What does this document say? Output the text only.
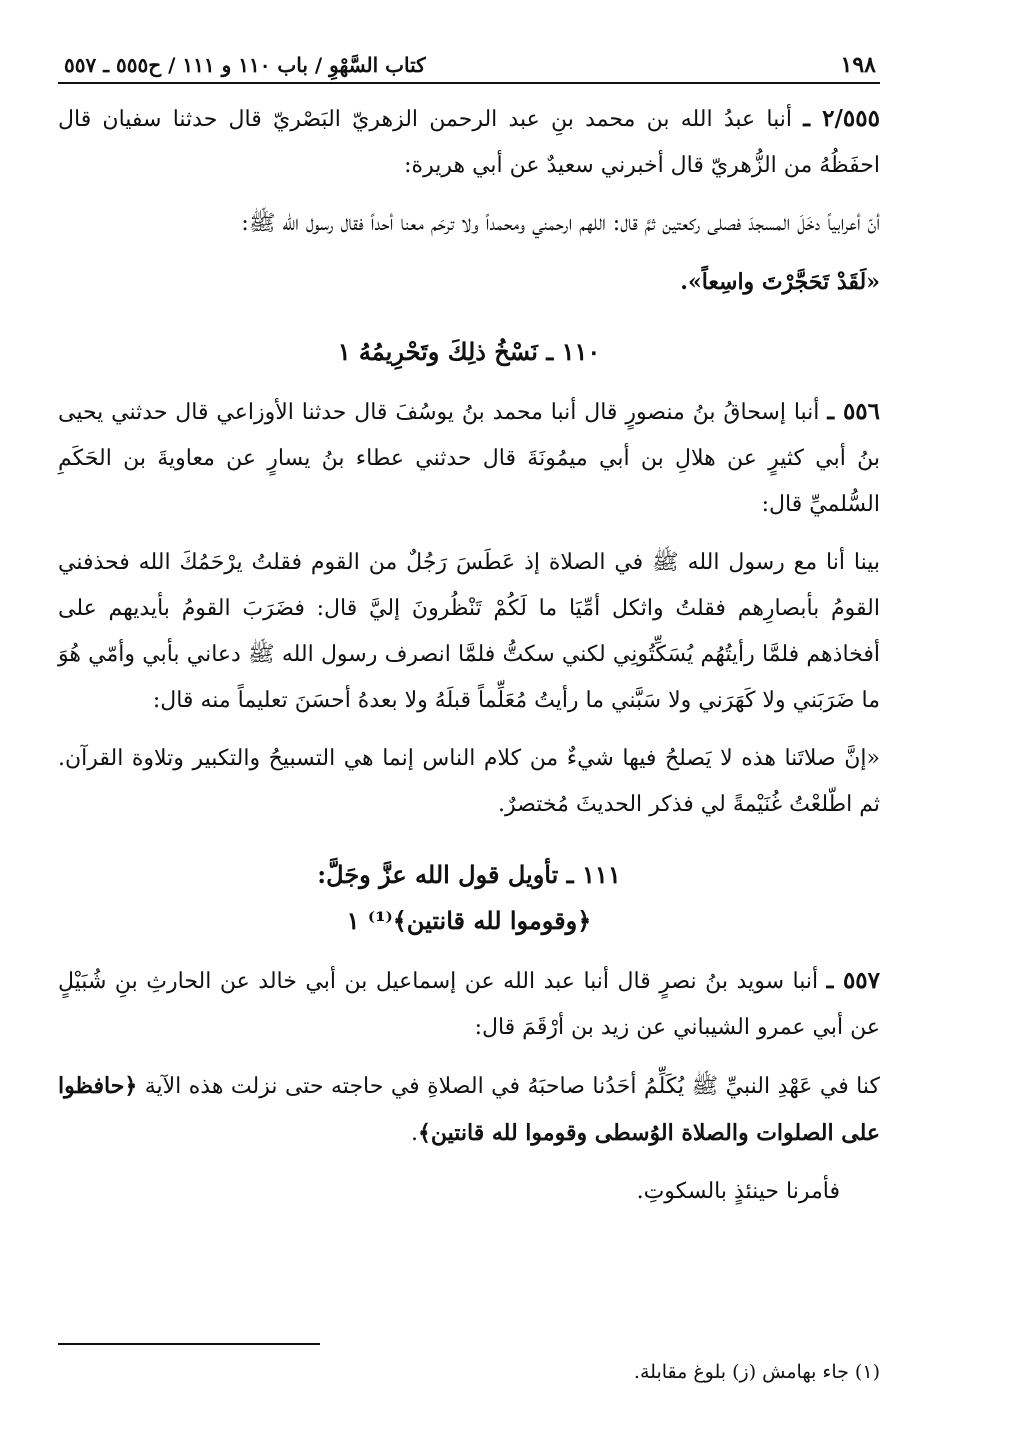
١٩٨
كتاب السَّهْوِ / باب ١١٠ و ١١١ / ح٥٥٥ ـ ٥٥٧

٢/٥٥٥ ـ أنبا عبدُ الله بن محمد بنِ عبد الرحمن الزهريّ البَصْريّ قال حدثنا سفيان قال احفَظُهُ من الزُّهريّ قال أخبرني سعيدٌ عن أبي هريرة:

أنّ أعرابياً دخَلَ المسجدَ فصلى ركعتين ثمَّ قال: اللهم ارحمني ومحمداً ولا ترحَم معنا أحداً فقال رسول الله ﷺ:

«لَقَدْ تَحَجَّرْتَ واسِعاً».

١١٠ ـ نَسْخُ ذلِكَ وتَحْرِيمُهُ ١

٥٥٦ ـ أنبا إسحاقُ بنُ منصورٍ قال أنبا محمد بنُ يوسُفَ قال حدثنا الأوزاعي قال حدثني يحيى بنُ أبي كثيرٍ عن هلالِ بن أبي ميمُونَةَ قال حدثني عطاء بنُ يسارٍ عن معاويةَ بن الحَكَمِ السُّلميِّ قال:

بينا أنا مع رسول الله ﷺ في الصلاة إذ عَطَسَ رَجُلٌ من القوم فقلتُ يرْحَمُكَ الله فحذفني القومُ بأبصارِهم فقلتُ واثكل أمِّيَا ما لَكُمْ تَنْظُرونَ إليَّ قال: فضَرَبَ القومُ بأيديهم على أفخاذهم فلمَّا رأيتُهُم يُسَكِّتُونِي لكني سكتُّ فلمَّا انصرف رسول الله ﷺ دعاني بأبي وأمّي هُوَ ما ضَرَبَني ولا كَهَرَني ولا سَبَّني ما رأيتُ مُعَلِّماً قبلَهُ ولا بعدهُ أحسَنَ تعليماً منه قال:

«إنَّ صلاتَنا هذه لا يَصلحُ فيها شيءٌ من كلام الناس إنما هي التسبيحُ والتكبير وتلاوة القرآن. ثم اطّلعْتُ غُنَيْمةً لي فذكر الحديثَ مُختصرٌ.

١١١ ـ تأويل قول الله عزَّ وجَلَّ:
﴿وقوموا لله قانتين﴾⁽¹⁾ ١

٥٥٧ ـ أنبا سويد بنُ نصرٍ قال أنبا عبد الله عن إسماعيل بن أبي خالد عن الحارثِ بنِ شُبَيْلٍ عن أبي عمرو الشيباني عن زيد بن أرْقَمَ قال:

كنا في عَهْدِ النبيِّ ﷺ يُكَلِّمُ أحَدُنا صاحبَهُ في الصلاةِ في حاجته حتى نزلت هذه الآية ﴿حافظوا على الصلوات والصلاة الوُسطى وقوموا لله قانتين﴾.

فأمرنا حينئذٍ بالسكوتِ.

(١) جاء بهامش (ز) بلوغ مقابلة.
